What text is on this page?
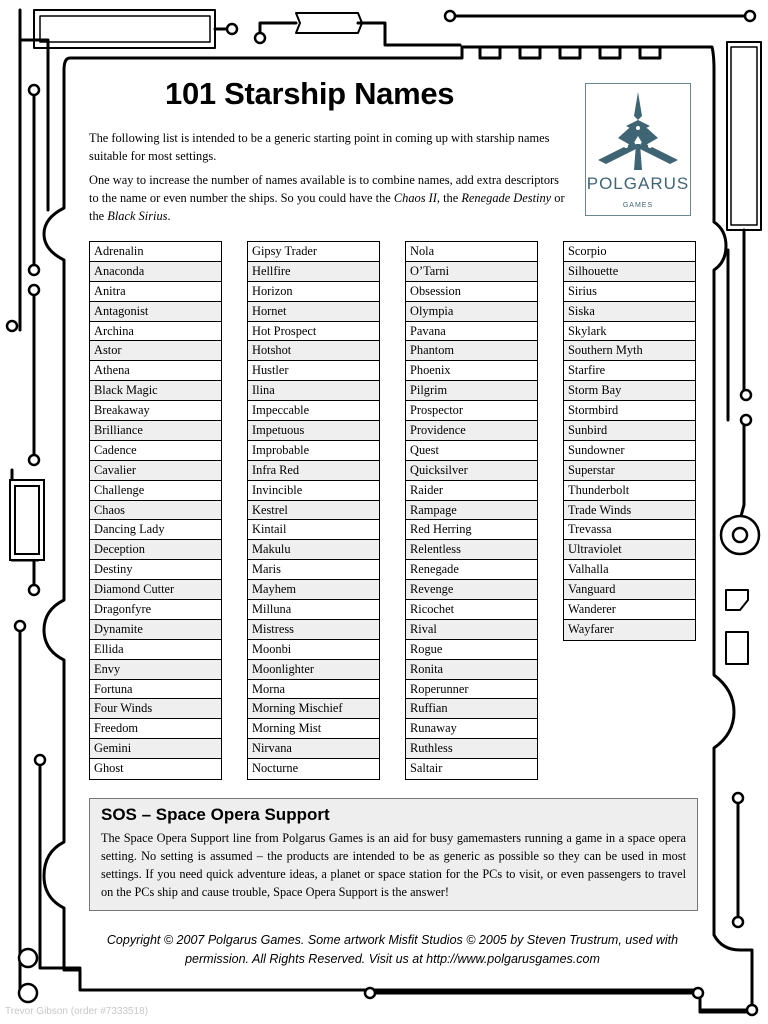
101 Starship Names

The following list is intended to be a generic starting point in coming up with starship names suitable for most settings.

One way to increase the number of names available is to combine names, add extra descriptors to the name or even number the ships. So you could have the Chaos II, the Renegade Destiny or the Black Sirius.

POLGARUS
GAMES
Adrenalin
Anaconda
Anitra
Antagonist
Archina
Astor
Athena
Black Magic
Breakaway
Brilliance
Cadence
Cavalier
Challenge
Chaos
Dancing Lady
Deception
Destiny
Diamond Cutter
Dragonfyre
Dynamite
Ellida
Envy
Fortuna
Four Winds
Freedom
Gemini
Ghost
Gipsy Trader
Hellfire
Horizon
Hornet
Hot Prospect
Hotshot
Hustler
Ilina
Impeccable
Impetuous
Improbable
Infra Red
Invincible
Kestrel
Kintail
Makulu
Maris
Mayhem
Milluna
Mistress
Moonbi
Moonlighter
Morna
Morning Mischief
Morning Mist
Nirvana
Nocturne
Nola
O’Tarni
Obsession
Olympia
Pavana
Phantom
Phoenix
Pilgrim
Prospector
Providence
Quest
Quicksilver
Raider
Rampage
Red Herring
Relentless
Renegade
Revenge
Ricochet
Rival
Rogue
Ronita
Roperunner
Ruffian
Runaway
Ruthless
Saltair
Scorpio
Silhouette
Sirius
Siska
Skylark
Southern Myth
Starfire
Storm Bay
Stormbird
Sunbird
Sundowner
Superstar
Thunderbolt
Trade Winds
Trevassa
Ultraviolet
Valhalla
Vanguard
Wanderer
Wayfarer
SOS – Space Opera Support

The Space Opera Support line from Polgarus Games is an aid for busy gamemasters running a game in a space opera setting. No setting is assumed – the products are intended to be as generic as possible so they can be used in most settings. If you need quick adventure ideas, a planet or space station for the PCs to visit, or even passengers to travel on the PCs ship and cause trouble, Space Opera Support is the answer!

Copyright © 2007 Polgarus Games. Some artwork Misfit Studios © 2005 by Steven Trustrum, used with
permission. All Rights Reserved. Visit us at http://www.polgarusgames.com
Trevor Gibson (order #7333518)
